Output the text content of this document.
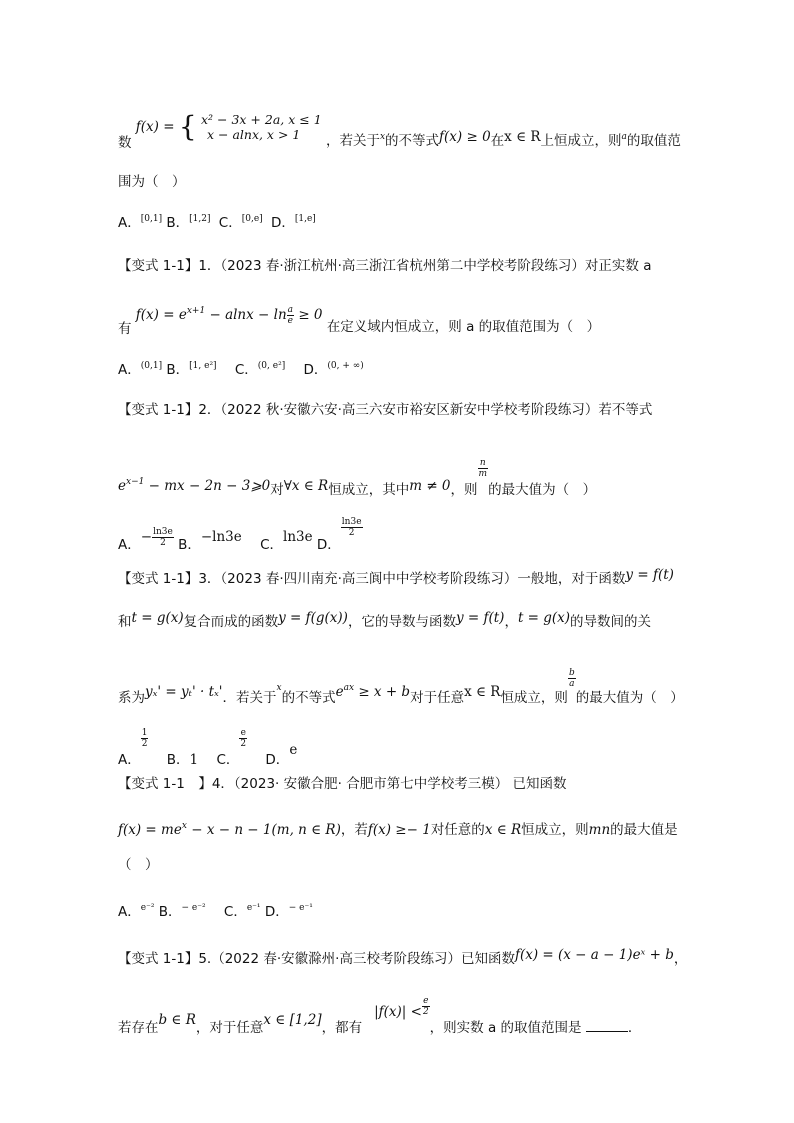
数 f(x) = { x² − 3x + 2a, x ≤ 1
x − alnx, x > 1	，若关于$^x$的不等式f(x) ≥ 0在x ∈ R上恒成立，则$^a$的取值范
围为（　）
A．[0,1] B．[1,2] C．[0,e] D．[1,e]
【变式 1-1】1．（2023 春·浙江杭州·高三浙江省杭州第二中学校考阶段练习）对正实数 a
有 $f(x) = e^{x+1} - alnx - \ln \frac{a}{e} \ge 0$ 在定义域内恒成立，则 a 的取值范围为（　）
A．$^{(0,1]}$ B．[1, e²] C．$^{(0, e^2]}$ D．$^{(0, + \infty)}$
【变式 1-1】2．（2022 秋·安徽六安·高三六安市裕安区新安中学校考阶段练习）若不等式
$e^{x-1}$ − mx − 2n − 3⩾0对∀x ∈ R恒成立，其中m ≠ 0，则
$\frac{n}{m}$
的最大值为（　）
A．− $\frac{\ln 3e}{2}$ B．−ln3e C．ln3e D．
$\frac{\ln 3e}{2}$
【变式 1-1】3．（2023 春·四川南充·高三阆中中学校考阶段练习）一般地，对于函数y = f(t)
和t = g(x)复合而成的函数y = f(g(x))，它的导数与函数y = f(t)，t = g(x)的导数间的关
系为yₓ' = yₜ' · tₓ'．若关于$^x$的不等式$e^{ax} \ge x + b$对于任意x ∈ R恒成立，则
$\frac{b}{a}$
的最大值为（　）
A．
$\frac{1}{2}$
B．1 C．
$\frac{e}{2}$
D．e
【变式 1-1　】4．（2023· 安徽合肥· 合肥市第七中学校考三模） 已知函数
$f(x) = me^x - x - n - 1(m$, n ∈ R)，若f(x) ≥− 1对任意的x ∈ R恒成立，则mn的最大值是
（　）
A．$^{e^{-2}}$ B．$^{- e^{-2}}$ C．$^{e^{-1}}$ D．$^{- e^{-1}}$
【变式 1-1】5.（2022 春·安徽滁州·高三校考阶段练习）已知函数f(x) = (x − a − 1)eˣ + b，
若存在b ∈ R，对于任意x ∈ [1,2]，都有$|f(x)| < \frac{e}{2}$
，则实数 a 的取值范围是	．
